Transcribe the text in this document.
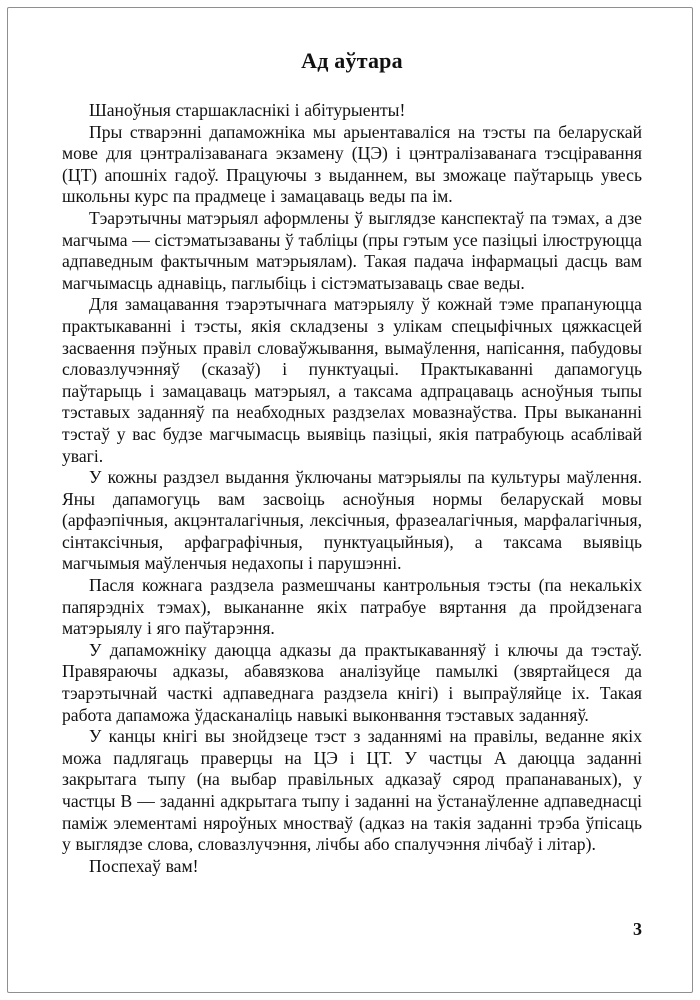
Ад аўтара

Шаноўныя старшакласнікі і абітурыенты!

Пры стварэнні дапаможніка мы арыентаваліся на тэсты па беларускай мове для цэнтралізаванага экзамену (ЦЭ) і цэнтралізаванага тэсціравання (ЦТ) апошніх гадоў. Працуючы з выданнем, вы зможаце паўтарыць увесь школьны курс па прадмеце і замацаваць веды па ім.

Тэарэтычны матэрыял аформлены ў выглядзе канспектаў па тэмах, а дзе магчыма — сістэматызаваны ў табліцы (пры гэтым усе пазіцыі ілюструюцца адпаведным фактычным матэрыялам). Такая падача інфармацыі дасць вам магчымасць аднавіць, паглыбіць і сістэматызаваць свае веды.

Для замацавання тэарэтычнага матэрыялу ў кожнай тэме прапануюцца практыкаванні і тэсты, якія складзены з улікам спецыфічных цяжкасцей засваення пэўных правіл словаўжывання, вымаўлення, напісання, пабудовы словазлучэнняў (сказаў) і пунктуацыі. Практыкаванні дапамогуць паўтарыць і замацаваць матэрыял, а таксама адпрацаваць асноўныя тыпы тэставых заданняў па неабходных раздзелах мовазнаўства. Пры выкананні тэстаў у вас будзе магчымасць выявіць пазіцыі, якія патрабуюць асаблівай увагі.

У кожны раздзел выдання ўключаны матэрыялы па культуры маўлення. Яны дапамогуць вам засвоіць асноўныя нормы беларускай мовы (арфаэпічныя, акцэнталагічныя, лексічныя, фразеалагічныя, марфалагічныя, сінтаксічныя, арфаграфічныя, пунктуацыйныя), а таксама выявіць магчымыя маўленчыя недахопы і парушэнні.

Пасля кожнага раздзела размешчаны кантрольныя тэсты (па некалькіх папярэдніх тэмах), выкананне якіх патрабуе вяртання да пройдзенага матэрыялу і яго паўтарэння.

У дапаможніку даюцца адказы да практыкаванняў і ключы да тэстаў. Правяраючы адказы, абавязкова аналізуйце памылкі (звяртайцеся да тэарэтычнай часткі адпаведнага раздзела кнігі) і выпраўляйце іх. Такая работа дапаможа ўдасканаліць навыкі выконвання тэставых заданняў.

У канцы кнігі вы знойдзеце тэст з заданнямі на правілы, веданне якіх можа падлягаць праверцы на ЦЭ і ЦТ. У частцы А даюцца заданні закрытага тыпу (на выбар правільных адказаў сярод прапанаваных), у частцы В — заданні адкрытага тыпу і заданні на ўстанаўленне адпаведнасці паміж элементамі няроўных мностваў (адказ на такія заданні трэба ўпісаць у выглядзе слова, словазлучэння, лічбы або спалучэння лічбаў і літар).

Поспехаў вам!

3
